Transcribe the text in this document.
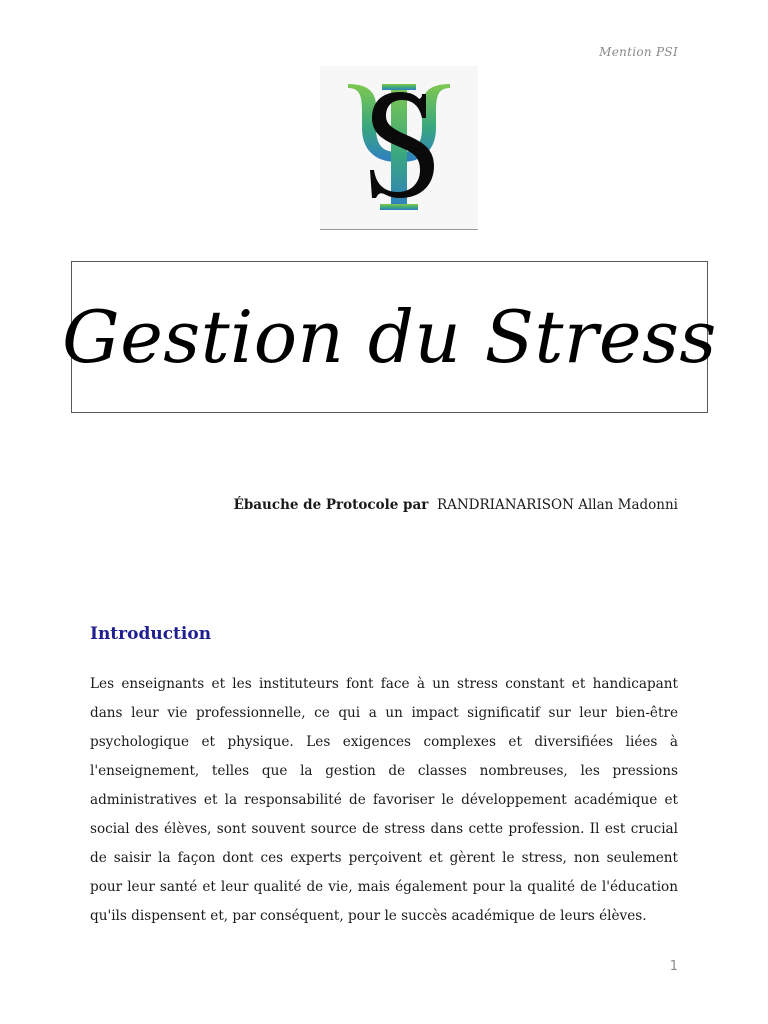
Mention PSI
Gestion du Stress
Ébauche de Protocole par RANDRIANARISON Allan Madonni
Introduction

Les enseignants et les instituteurs font face à un stress constant et handicapant dans leur vie professionnelle, ce qui a un impact significatif sur leur bien-être psychologique et physique. Les exigences complexes et diversifiées liées à l'enseignement, telles que la gestion de classes nombreuses, les pressions administratives et la responsabilité de favoriser le développement académique et social des élèves, sont souvent source de stress dans cette profession. Il est crucial de saisir la façon dont ces experts perçoivent et gèrent le stress, non seulement pour leur santé et leur qualité de vie, mais également pour la qualité de l'éducation qu'ils dispensent et, par conséquent, pour le succès académique de leurs élèves.

1
